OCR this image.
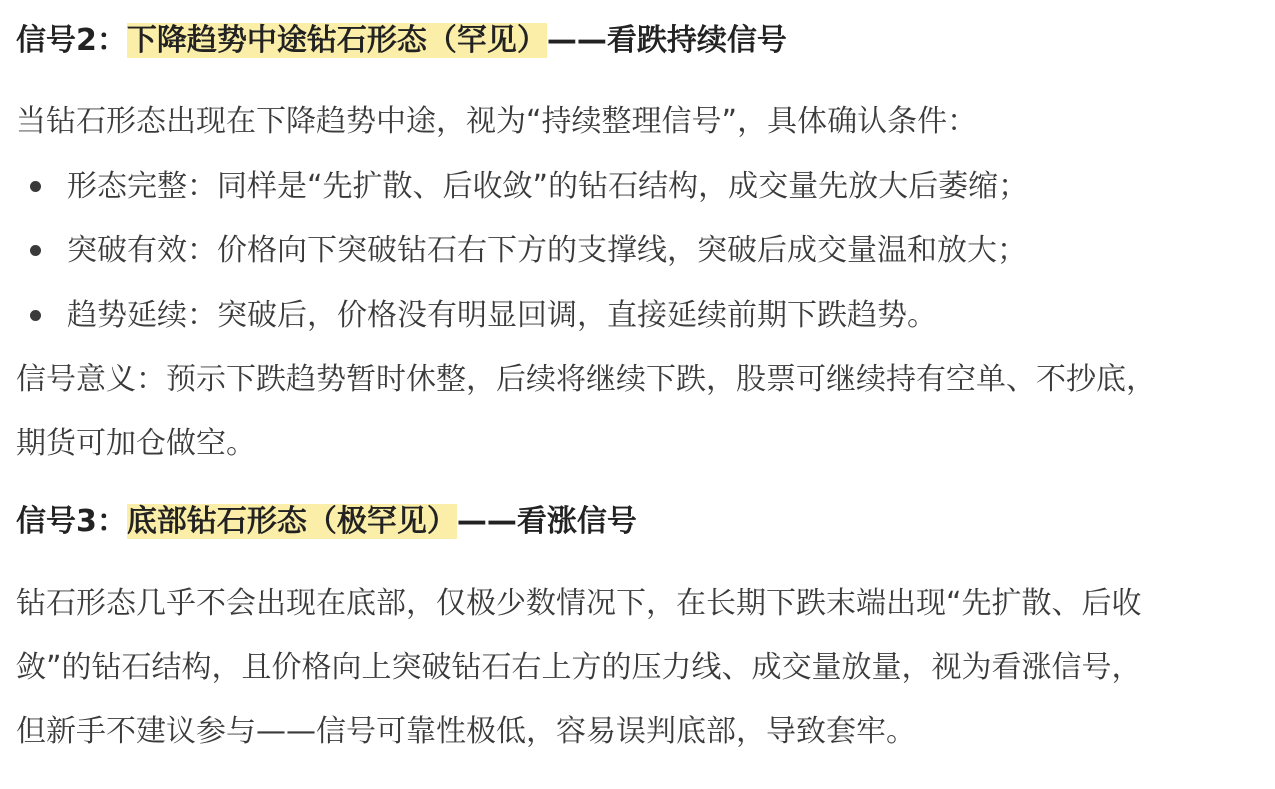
信号2：下降趋势中途钻石形态（罕见）——看跌持续信号

当钻石形态出现在下降趋势中途，视为“持续整理信号”，具体确认条件：

形态完整：同样是“先扩散、后收敛”的钻石结构，成交量先放大后萎缩；
突破有效：价格向下突破钻石右下方的支撑线，突破后成交量温和放大；
趋势延续：突破后，价格没有明显回调，直接延续前期下跌趋势。

信号意义：预示下跌趋势暂时休整，后续将继续下跌，股票可继续持有空单、不抄底，

期货可加仓做空。

信号3：底部钻石形态（极罕见）——看涨信号

钻石形态几乎不会出现在底部，仅极少数情况下，在长期下跌末端出现“先扩散、后收

敛”的钻石结构，且价格向上突破钻石右上方的压力线、成交量放量，视为看涨信号，

但新手不建议参与——信号可靠性极低，容易误判底部，导致套牢。
